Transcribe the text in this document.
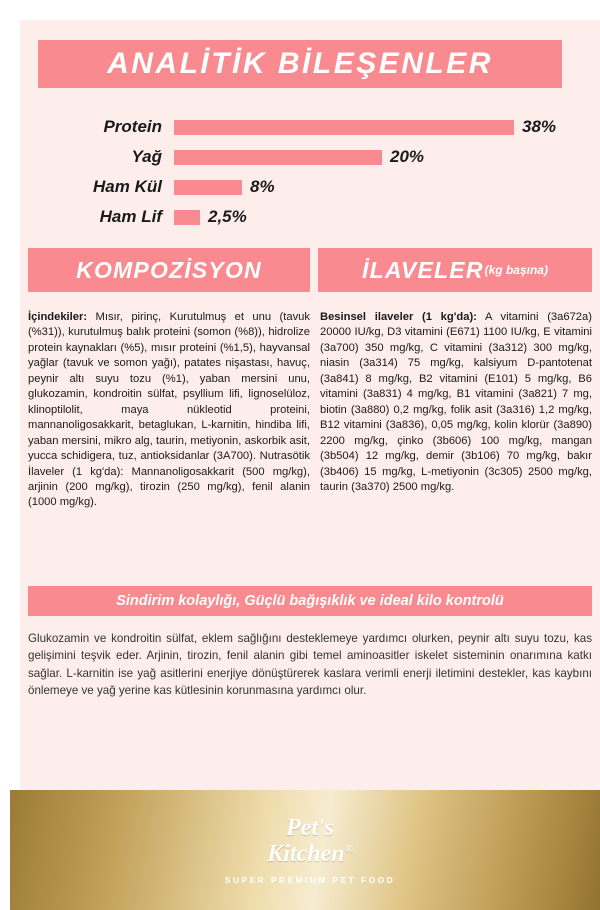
ANALİTİK BİLEŞENLER
Protein	38%
Yağ	20%
Ham Kül	8%
Ham Lif	2,5%
KOMPOZİSYON	İLAVELER (kg başına)
İçindekiler: Mısır, pirinç, Kurutulmuş et unu (tavuk (%31)), kurutulmuş balık proteini (somon (%8)), hidrolize protein kaynakları (%5), mısır proteini (%1,5), hayvansal yağlar (tavuk ve somon yağı), patates nişastası, havuç, peynir altı suyu tozu (%1), yaban mersini unu, glukozamin, kondroitin sülfat, psyllium lifi, lignoselüloz, klinoptilolit, maya nükleotid proteini, mannanoligosakkarit, betaglukan, L-karnitin, hindiba lifi, yaban mersini, mikro alg, taurin, metiyonin, askorbik asit, yucca schidigera, tuz, antioksidanlar (3A700). Nutrasötik İlaveler (1 kg'da): Mannanoligosakkarit (500 mg/kg), arjinin (200 mg/kg), tirozin (250 mg/kg), fenil alanin (1000 mg/kg).
Besinsel ilaveler (1 kg'da): A vitamini (3a672a) 20000 IU/kg, D3 vitamini (E671) 1100 IU/kg, E vitamini (3a700) 350 mg/kg, C vitamini (3a312) 300 mg/kg, niasin (3a314) 75 mg/kg, kalsiyum D-pantotenat (3a841) 8 mg/kg, B2 vitamini (E101) 5 mg/kg, B6 vitamini (3a831) 4 mg/kg, B1 vitamini (3a821) 7 mg, biotin (3a880) 0,2 mg/kg, folik asit (3a316) 1,2 mg/kg, B12 vitamini (3a836), 0,05 mg/kg, kolin klorür (3a890) 2200 mg/kg, çinko (3b606) 100 mg/kg, mangan (3b504) 12 mg/kg, demir (3b106) 70 mg/kg, bakır (3b406) 15 mg/kg, L-metiyonin (3c305) 2500 mg/kg, taurin (3a370) 2500 mg/kg.
Sindirim kolaylığı, Güçlü bağışıklık ve ideal kilo kontrolü
Glukozamin ve kondroitin sülfat, eklem sağlığını desteklemeye yardımcı olurken, peynir altı suyu tozu, kas gelişimini teşvik eder. Arjinin, tirozin, fenil alanin gibi temel aminoasitler iskelet sisteminin onarımına katkı sağlar. L-karnitin ise yağ asitlerini enerjiye dönüştürerek kaslara verimli enerji iletimini destekler, kas kaybını önlemeye ve yağ yerine kas kütlesinin korunmasına yardımcı olur.
Pet's
Kitchen®
SUPER PREMIUM PET FOOD
